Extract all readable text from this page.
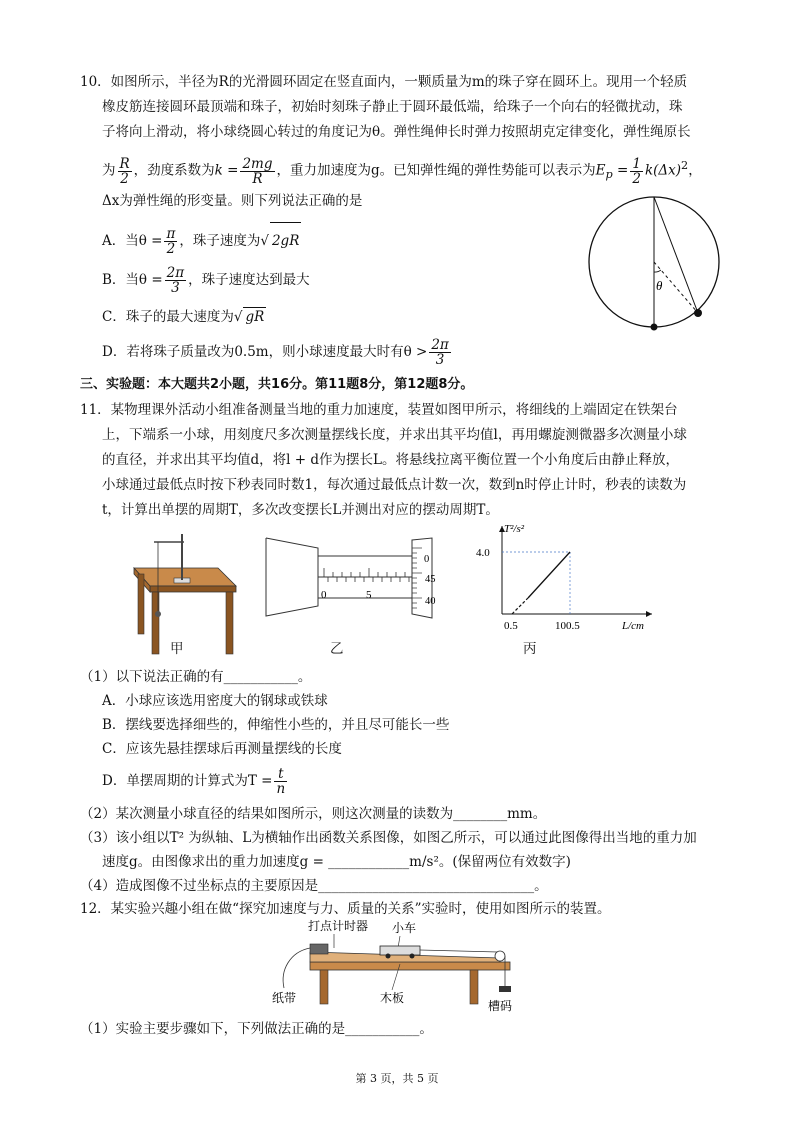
10．如图所示，半径为R的光滑圆环固定在竖直面内，一颗质量为m的珠子穿在圆环上。现用一个轻质
橡皮筋连接圆环最顶端和珠子，初始时刻珠子静止于圆环最低端，给珠子一个向右的轻微扰动，珠
子将向上滑动，将小球绕圆心转过的角度记为θ。弹性绳伸长时弹力按照胡克定律变化，弹性绳原长
为 $\frac{R}{2}$ ，劲度系数为$k = \frac{2mg}{R}$ ，重力加速度为g。已知弹性绳的弹性势能可以表示为$E_p = \frac{1}{2} k(\Delta x)^2$，
Δx为弹性绳的形变量。则下列说法正确的是
A．当$\theta = \frac{\pi}{2}$ ，珠子速度为√ 2gR
B．当$\theta = \frac{2\pi}{3}$ ，珠子速度达到最大
C．珠子的最大速度为√ gR
D．若将珠子质量改为0.5m，则小球速度最大时有$\theta > \frac{2\pi}{3}$
θ
三、实验题：本大题共2小题，共16分。第11题8分，第12题8分。
11．某物理课外活动小组准备测量当地的重力加速度，装置如图甲所示，将细线的上端固定在铁架台
上，下端系一小球，用刻度尺多次测量摆线长度，并求出其平均值l，再用螺旋测微器多次测量小球
的直径，并求出其平均值d，将l + d作为摆长L。将悬线拉离平衡位置一个小角度后由静止释放，
小球通过最低点时按下秒表同时数1，每次通过最低点计数一次，数到n时停止计时，秒表的读数为
t，计算出单摆的周期T，多次改变摆长L并测出对应的摆动周期T。
甲
0	5
0
45
40
乙
T²/s²
4.0
0.5	100.5	L/cm
丙
（1）以下说法正确的有___________。
A．小球应该选用密度大的钢球或铁球
B．摆线要选择细些的，伸缩性小些的，并且尽可能长一些
C．应该先悬挂摆球后再测量摆线的长度
D．单摆周期的计算式为$T = \frac{t}{n}$
（2）某次测量小球直径的结果如图所示，则这次测量的读数为________mm。
（3）该小组以T² 为纵轴、L为横轴作出函数关系图像，如图乙所示，可以通过此图像得出当地的重力加
速度g。由图像求出的重力加速度g = ____________m/s²。(保留两位有效数字)
（4）造成图像不过坐标点的主要原因是________________________________。
12．某实验兴趣小组在做“探究加速度与力、质量的关系”实验时，使用如图所示的装置。
打点计时器 小车
纸带	木板
槽码
（1）实验主要步骤如下，下列做法正确的是___________。
第 3 页，共 5 页
